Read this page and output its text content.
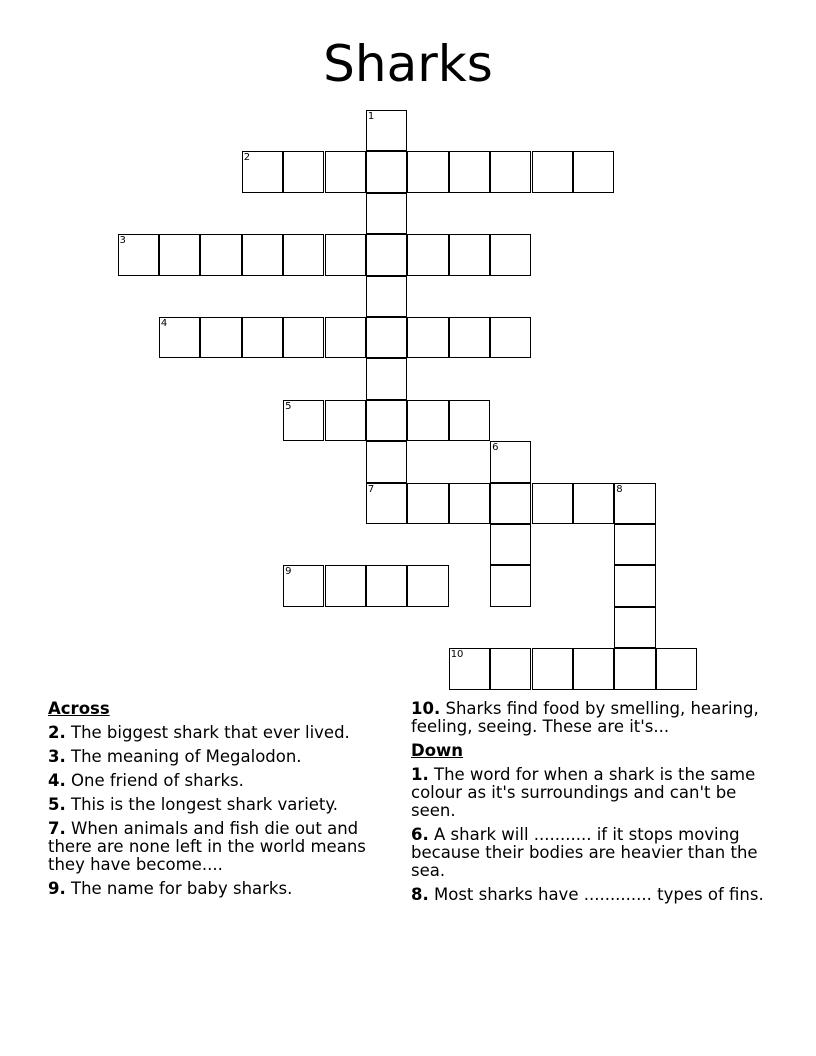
Sharks
1
2
3
4
5
6
7	8
9
10
Across
2. The biggest shark that ever lived.
3. The meaning of Megalodon.
4. One friend of sharks.
5. This is the longest shark variety.
7. When animals and fish die out and there are none left in the world means they have become....
9. The name for baby sharks.
10. Sharks find food by smelling, hearing, feeling, seeing. These are it's...
Down
1. The word for when a shark is the same colour as it's surroundings and can't be seen.
6. A shark will ........... if it stops moving because their bodies are heavier than the sea.
8. Most sharks have ............. types of fins.
